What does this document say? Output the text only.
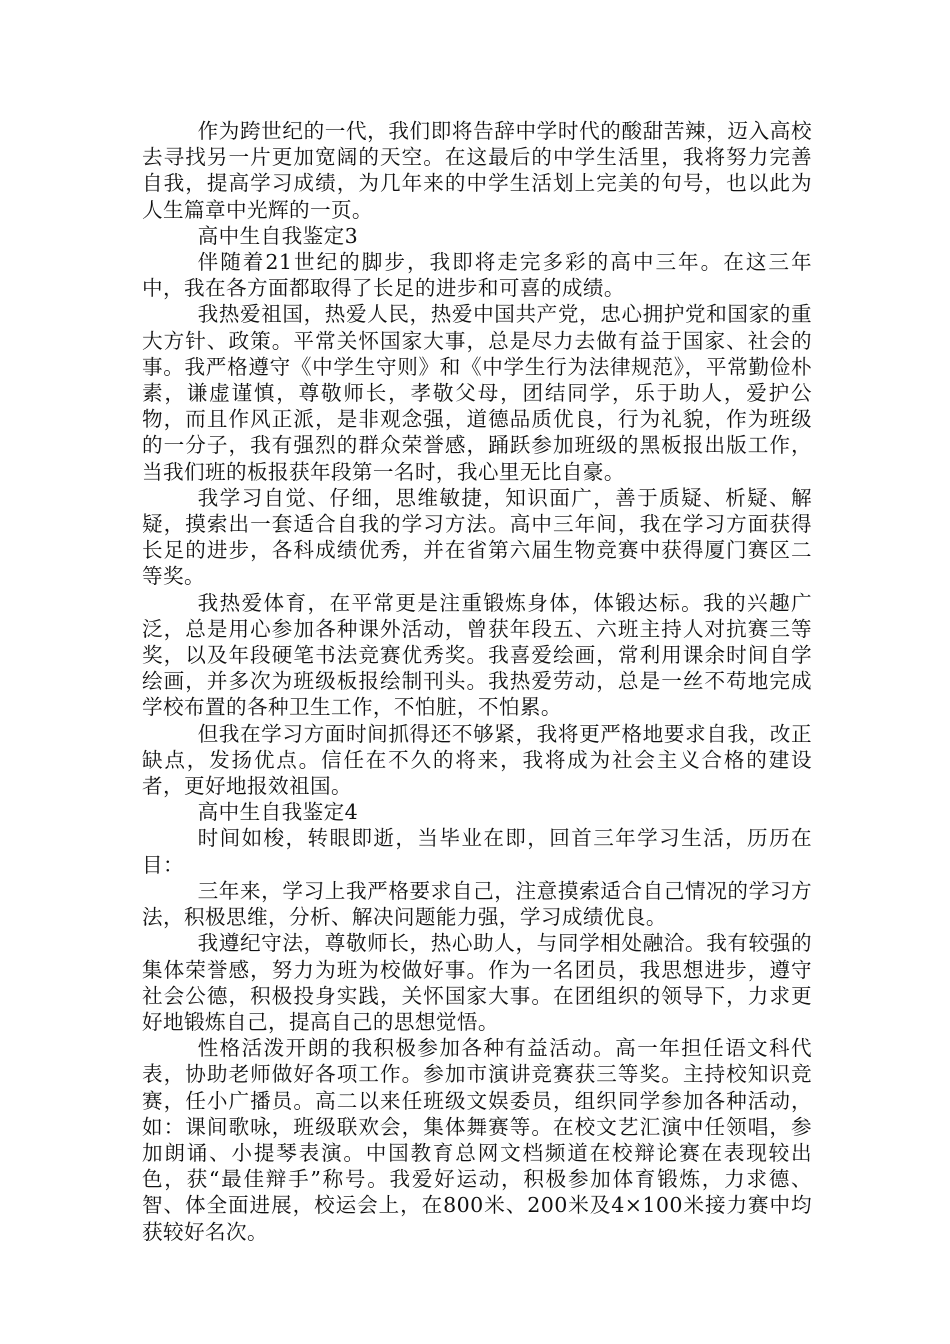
作为跨世纪的一代，我们即将告辞中学时代的酸甜苦辣，迈入高校去寻找另一片更加宽阔的天空。在这最后的中学生活里，我将努力完善自我，提高学习成绩，为几年来的中学生活划上完美的句号，也以此为人生篇章中光辉的一页。

高中生自我鉴定3

伴随着21世纪的脚步，我即将走完多彩的高中三年。在这三年中，我在各方面都取得了长足的进步和可喜的成绩。

我热爱祖国，热爱人民，热爱中国共产党，忠心拥护党和国家的重大方针、政策。平常关怀国家大事，总是尽力去做有益于国家、社会的事。我严格遵守《中学生守则》和《中学生行为法律规范》，平常勤俭朴素，谦虚谨慎，尊敬师长，孝敬父母，团结同学，乐于助人，爱护公物，而且作风正派，是非观念强，道德品质优良，行为礼貌，作为班级的一分子，我有强烈的群众荣誉感，踊跃参加班级的黑板报出版工作，当我们班的板报获年段第一名时，我心里无比自豪。

我学习自觉、仔细，思维敏捷，知识面广，善于质疑、析疑、解疑，摸索出一套适合自我的学习方法。高中三年间，我在学习方面获得长足的进步，各科成绩优秀，并在省第六届生物竞赛中获得厦门赛区二等奖。

我热爱体育，在平常更是注重锻炼身体，体锻达标。我的兴趣广泛，总是用心参加各种课外活动，曾获年段五、六班主持人对抗赛三等奖，以及年段硬笔书法竞赛优秀奖。我喜爱绘画，常利用课余时间自学绘画，并多次为班级板报绘制刊头。我热爱劳动，总是一丝不苟地完成学校布置的各种卫生工作，不怕脏，不怕累。

但我在学习方面时间抓得还不够紧，我将更严格地要求自我，改正缺点，发扬优点。信任在不久的将来，我将成为社会主义合格的建设者，更好地报效祖国。

高中生自我鉴定4

时间如梭，转眼即逝，当毕业在即，回首三年学习生活，历历在目：

三年来，学习上我严格要求自己，注意摸索适合自己情况的学习方法，积极思维，分析、解决问题能力强，学习成绩优良。

我遵纪守法，尊敬师长，热心助人，与同学相处融洽。我有较强的集体荣誉感，努力为班为校做好事。作为一名团员，我思想进步，遵守社会公德，积极投身实践，关怀国家大事。在团组织的领导下，力求更好地锻炼自己，提高自己的思想觉悟。

性格活泼开朗的我积极参加各种有益活动。高一年担任语文科代表，协助老师做好各项工作。参加市演讲竞赛获三等奖。主持校知识竞赛，任小广播员。高二以来任班级文娱委员，组织同学参加各种活动，如：课间歌咏，班级联欢会，集体舞赛等。在校文艺汇演中任领唱，参加朗诵、小提琴表演。中国教育总网文档频道在校辩论赛在表现较出色，获“最佳辩手”称号。我爱好运动，积极参加体育锻炼，力求德、智、体全面进展，校运会上，在800米、200米及4×100米接力赛中均获较好名次。
